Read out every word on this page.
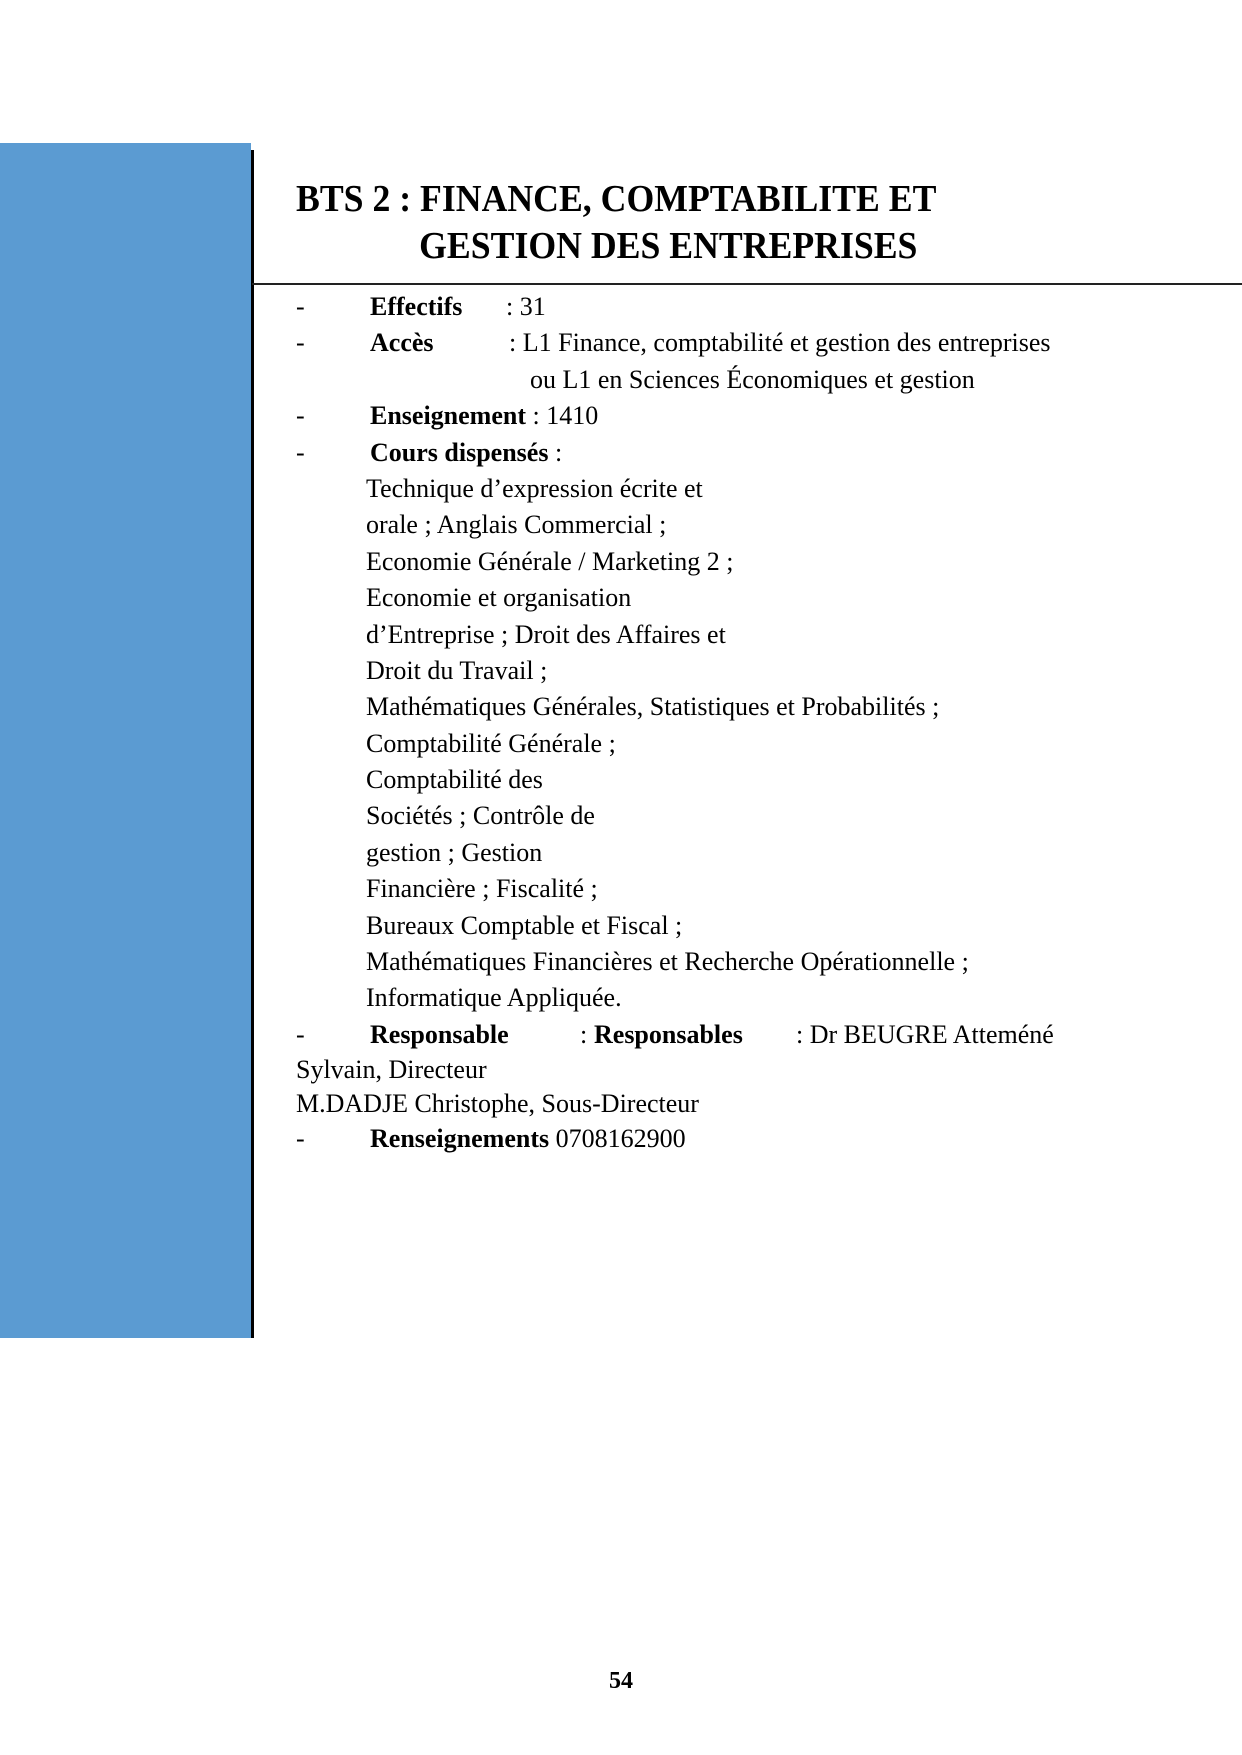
BTS 2 : FINANCE, COMPTABILITE ET
GESTION DES ENTREPRISES
-	Effectifs : 31
-	Accès	: L1 Finance, comptabilité et gestion des entreprises
ou L1 en Sciences Économiques et gestion
-	Enseignement : 1410
-	Cours dispensés :
Technique d’expression écrite et
orale ; Anglais Commercial ;
Economie Générale / Marketing 2 ;
Economie et organisation
d’Entreprise ; Droit des Affaires et
Droit du Travail ;
Mathématiques Générales, Statistiques et Probabilités ;
Comptabilité Générale ;
Comptabilité des
Sociétés ; Contrôle de
gestion ; Gestion
Financière ; Fiscalité ;
Bureaux Comptable et Fiscal ;
Mathématiques Financières et Recherche Opérationnelle ;
Informatique Appliquée.
-	Responsable	: Responsables : Dr BEUGRE Atteméné
Sylvain, Directeur
M.DADJE Christophe, Sous-Directeur
-	Renseignements 0708162900
54
